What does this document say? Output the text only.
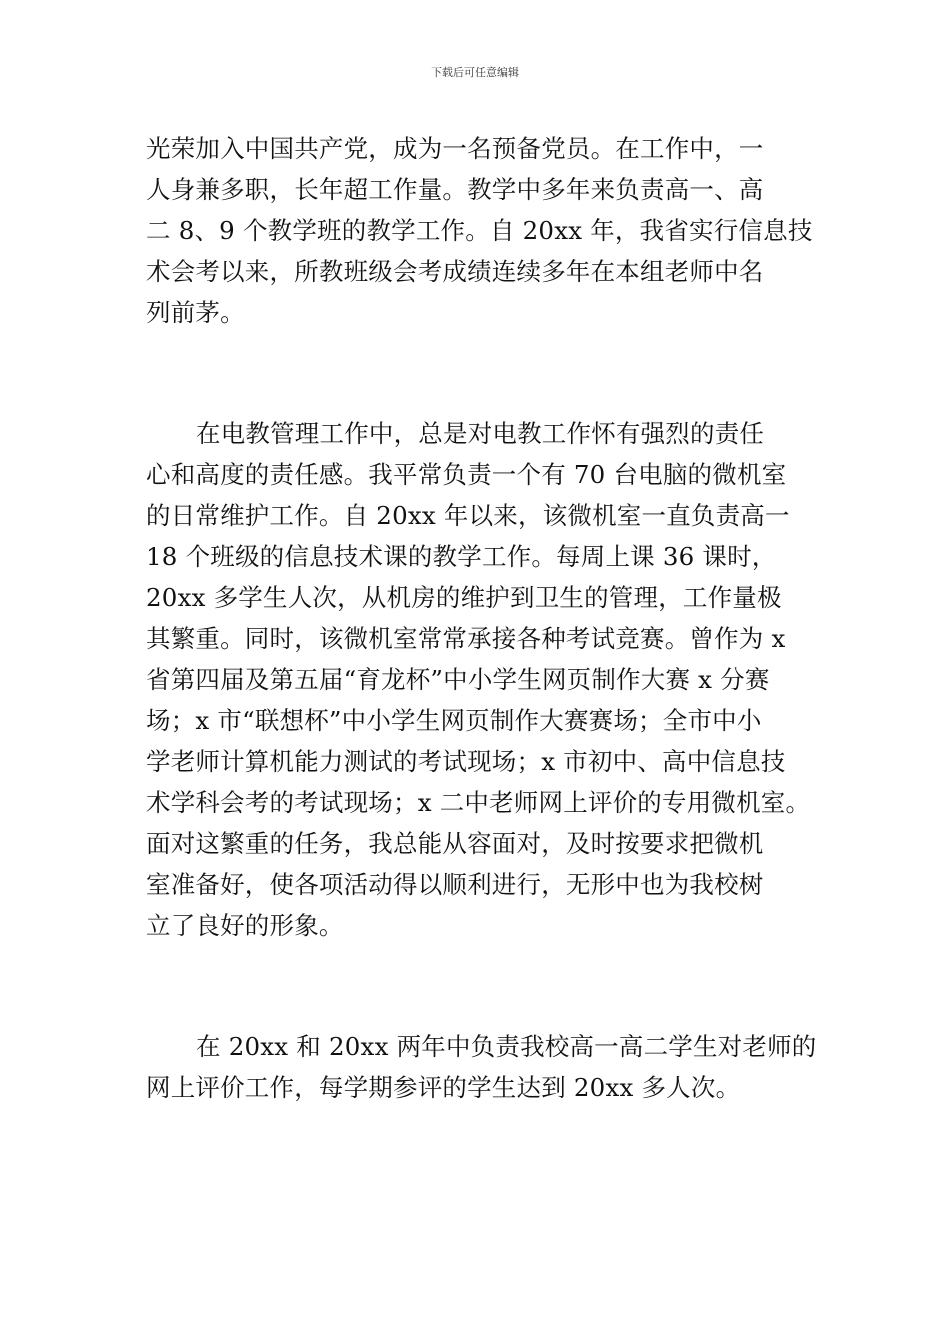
下载后可任意编辑
光荣加入中国共产党，成为一名预备党员。在工作中，一
人身兼多职，长年超工作量。教学中多年来负责高一、高
二 8、9 个教学班的教学工作。自 20xx 年，我省实行信息技
术会考以来，所教班级会考成绩连续多年在本组老师中名
列前茅。
在电教管理工作中，总是对电教工作怀有强烈的责任
心和高度的责任感。我平常负责一个有 70 台电脑的微机室
的日常维护工作。自 20xx 年以来，该微机室一直负责高一
18 个班级的信息技术课的教学工作。每周上课 36 课时，
20xx 多学生人次，从机房的维护到卫生的管理，工作量极
其繁重。同时，该微机室常常承接各种考试竞赛。曾作为 x
省第四届及第五届“育龙杯”中小学生网页制作大赛 x 分赛
场；x 市“联想杯”中小学生网页制作大赛赛场；全市中小
学老师计算机能力测试的考试现场；x 市初中、高中信息技
术学科会考的考试现场；x 二中老师网上评价的专用微机室。
面对这繁重的任务，我总能从容面对，及时按要求把微机
室准备好，使各项活动得以顺利进行，无形中也为我校树
立了良好的形象。
在 20xx 和 20xx 两年中负责我校高一高二学生对老师的
网上评价工作，每学期参评的学生达到 20xx 多人次。
